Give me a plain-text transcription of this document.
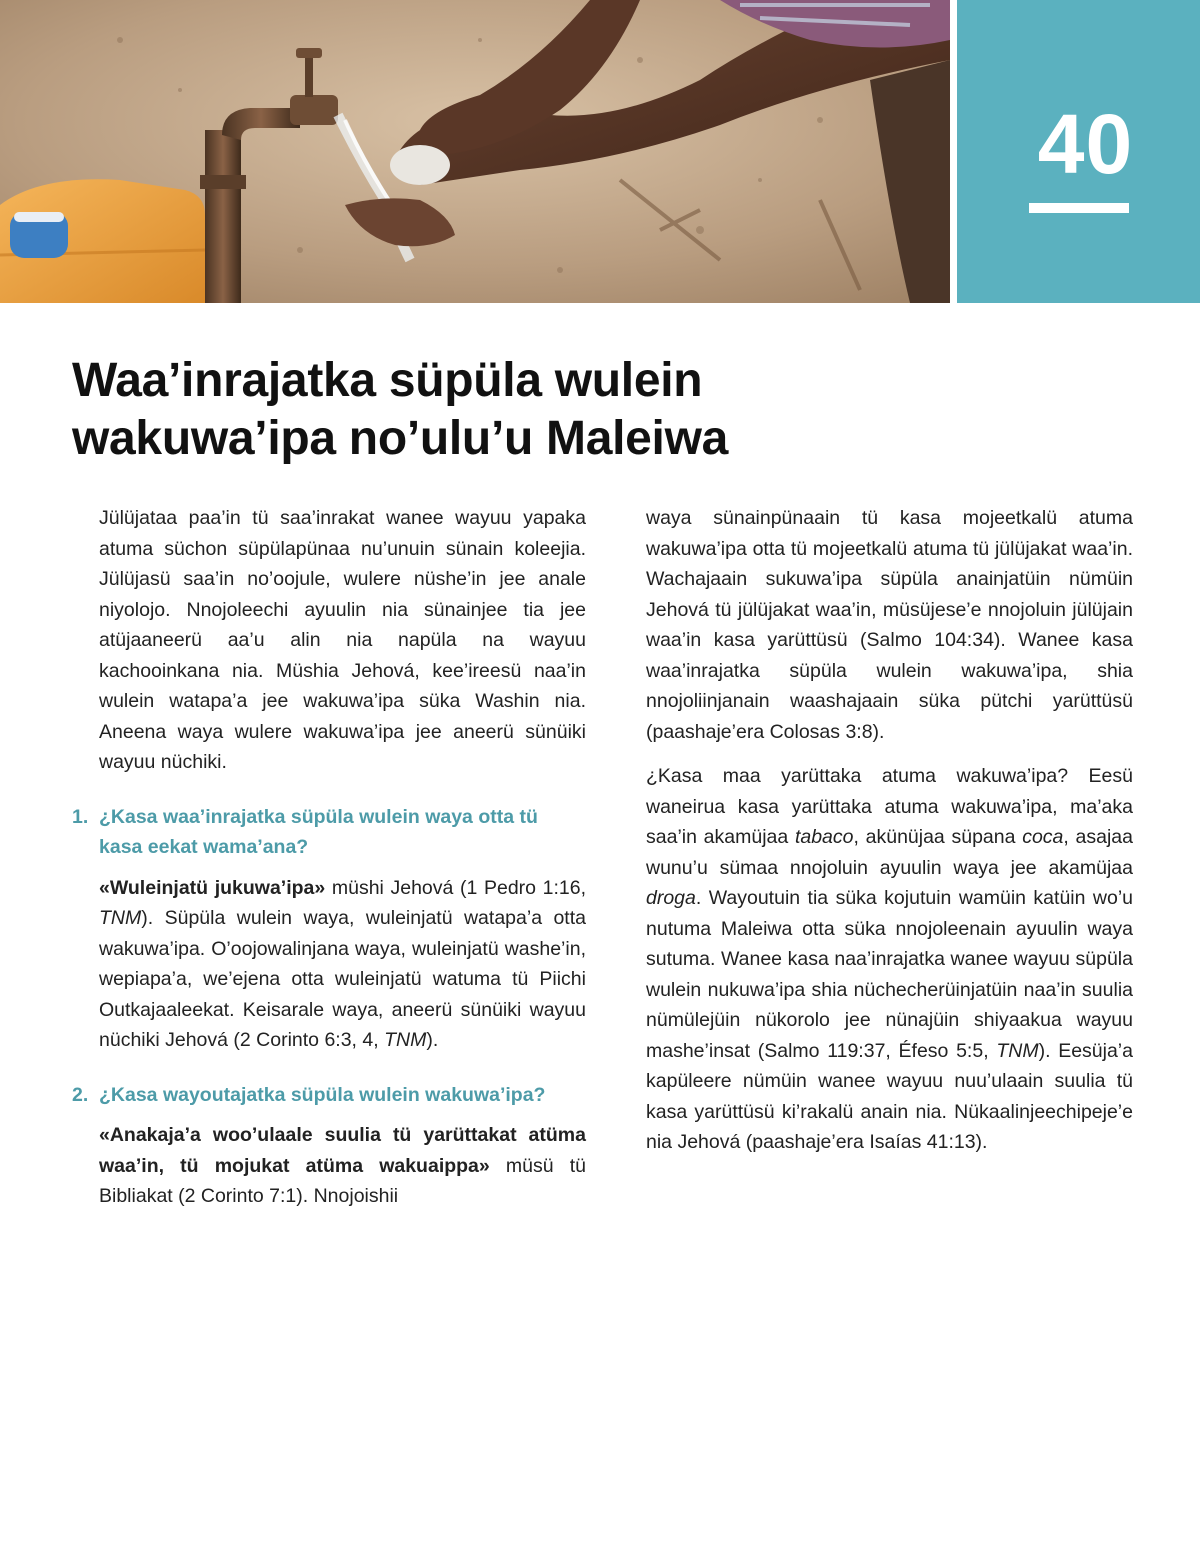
40
Waa’inrajatka süpüla wulein
wakuwa’ipa no’ulu’u Maleiwa

Jülüjataa paa’in tü saa’inrakat wanee wayuu yapaka atuma süchon süpülapünaa nu’unuin sünain koleejia. Jülüjasü saa’in no’oojule, wulere nüshe’in jee anale niyolojo. Nnojoleechi ayuulin nia sünainjee tia jee atüjaaneerü aa’u alin nia napüla na wayuu kachooinkana nia. Müshia Jehová, kee’ireesü naa’in wulein watapa’a jee wakuwa’ipa süka Washin nia. Aneena waya wulere wakuwa’ipa jee aneerü sünüiki wayuu nüchiki.

1. ¿Kasa waa’inrajatka süpüla wulein waya otta tü kasa eekat wama’ana?

«Wuleinjatü jukuwa’ipa» müshi Jehová (1 Pedro 1:16, TNM). Süpüla wulein waya, wuleinjatü watapa’a otta wakuwa’ipa. O’oojowalinjana waya, wuleinjatü washe’in, wepiapa’a, we’ejena otta wuleinjatü watuma tü Piichi Outkajaaleekat. Keisarale waya, aneerü sünüiki wayuu nüchiki Jehová (2 Corinto 6:3, 4, TNM).

2. ¿Kasa wayoutajatka süpüla wulein wakuwa’ipa?

«Anakaja’a woo’ulaale suulia tü yarüttakat atüma waa’in, tü mojukat atüma wakuaippa» müsü tü Bibliakat (2 Corinto 7:1). Nnojoishii

waya sünainpünaain tü kasa mojeetkalü atuma wakuwa’ipa otta tü mojeetkalü atuma tü jülüjakat waa’in. Wachajaain sukuwa’ipa süpüla anainjatüin nümüin Jehová tü jülüjakat waa’in, müsüjese’e nnojoluin jülüjain waa’in kasa yarüttüsü (Salmo 104:34). Wanee kasa waa’inrajatka süpüla wulein wakuwa’ipa, shia nnojoliinjanain waashajaain süka pütchi yarüttüsü (paashaje’era Colosas 3:8).

¿Kasa maa yarüttaka atuma wakuwa’ipa? Eesü waneirua kasa yarüttaka atuma wakuwa’ipa, ma’aka saa’in akamüjaa tabaco, akünüjaa süpana coca, asajaa wunu’u sümaa nnojoluin ayuulin waya jee akamüjaa droga. Wayoutuin tia süka kojutuin wamüin katüin wo’u nutuma Maleiwa otta süka nnojoleenain ayuulin waya sutuma. Wanee kasa naa’inrajatka wanee wayuu süpüla wulein nukuwa’ipa shia nüchecherüinjatüin naa’in suulia nümülejüin nükorolo jee nünajüin shiyaakua wayuu mashe’insat (Salmo 119:37, Éfeso 5:5, TNM). Eesüja’a kapüleere nümüin wanee wayuu nuu’ulaain suulia tü kasa yarüttüsü ki’rakalü anain nia. Nükaalinjeechipeje’e nia Jehová (paashaje’era Isaías 41:13).
